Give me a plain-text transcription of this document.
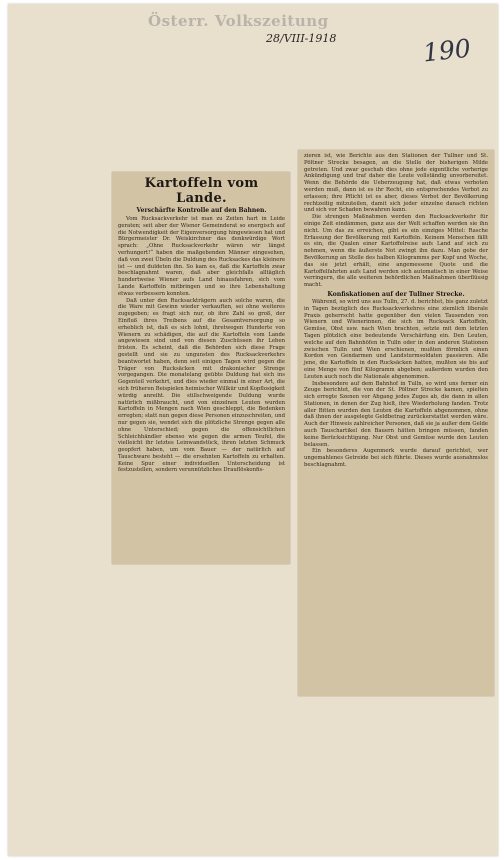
Österr. Volkszeitung
28/VIII-1918	190
Kartoffeln vom Lande.
Verschärfte Kontrolle auf den Bahnen.

Vom Rucksackverkehr ist man zu Zeiten hart in Leide geraten; seit aber der Wiener Gemeinderat so energisch auf die Notwendigkeit der Eigenversorgung hingewiesen hat und Bürgermeister Dr. Weiskirchner das denkwürdige Wort sprach: „Ohne Rucksackverkehr wären wir längst verhungert!“ haben die maßgebenden Männer eingesehen, daß von zwei Übeln die Duldung des Rucksackes das kleinere ist — und duldeten ihn. So kam es, daß die Kartoffeln zwar beschlagnahmt waren, daß aber gleichfalls alltäglich hundertweise Wiener aufs Land hinausfahren, sich vom Lande Kartoffeln mitbringen und so ihre Lebenshaltung etwas verbessern konnten.

Daß unter den Rucksackträgern auch solche waren, die die Ware mit Gewinn wieder verkauften, sei ohne weiteres zugegeben; es fragt sich nur, ob ihre Zahl so groß, der Einfluß ihres Treibens auf die Gesamtversorgung so erheblich ist, daß es sich lohnt, ihretwegen Hunderte von Wienern zu schädigen, die auf die Kartoffeln vom Lande angewiesen sind und von diesen Zuschüssen ihr Leben fristen. Es scheint, daß die Behörden sich diese Frage gestellt und sie zu ungunsten des Rucksackverkehrs beantwortet haben, denn seit einigen Tagen wird gegen die Träger von Rucksäcken mit drakonischer Strenge vorgegangen. Die monatelang geübte Duldung hat sich ins Gegenteil verkehrt, und dies wieder einmal in einer Art, die sich früheren Beispielen heimischer Willkür und Kopflosigkeit würdig anreiht. Die stillschweigende Duldung wurde natürlich mißbraucht, und von einzelnen Leuten wurden Kartoffeln in Mengen nach Wien geschleppt, die Bedenken erregten; statt nun gegen diese Personen einzuschreiten, und nur gegen sie, wendet sich die plötzliche Strenge gegen alle ohne Unterschied; gegen die offensichtlichen Schleichhändler ebenso wie gegen die armen Teufel, die vielleicht ihr letztes Leinwandstück, ihren letzten Schmuck geopfert haben, um vom Bauer — der natürlich auf Tauschware besteht — die ersehnten Kartoffeln zu erhalten. Keine Spur einer individuellen Unterscheidung ist festzustellen, sondern verunnützliches Drauflöskonfis-

zieren ist, wie Berichte aus den Stationen der Tullner und St. Pöltner Strecke besagen, an die Stelle der bisherigen Milde getreten. Und zwar geschah dies ohne jede eigentliche vorherige Ankündigung und traf daher die Leute vollständig unvorbereitet. Wenn die Behörde die Ueberzeugung hat, daß etwas verboten werden muß, dann ist es ihr Recht, ein entsprechendes Verbot zu erlassen; ihre Pflicht ist es aber, dieses Verbot der Bevölkerung rechtzeitig mitzuteilen, damit sich jeder einzelne danach richten und sich vor Schaden bewahren kann.

Die strengen Maßnahmen werden den Rucksackverkehr für einige Zeit eindämmen, ganz aus der Welt schaffen werden sie ihn nicht. Um das zu erreichen, gibt es ein einziges Mittel: Rasche Erfassung der Bevölkerung mit Kartoffeln. Keinem Menschen fällt es ein, die Qualen einer Kartoffelreise aufs Land auf sich zu nehmen, wenn die äußerste Not zwingt ihn dazu. Man gebe der Bevölkerung an Stelle des halben Kilogramms per Kopf und Woche, das sie jetzt erhält, eine angemessene Quote und die Kartoffelfahrten aufs Land werden sich automatisch in einer Weise verringern, die alle weiteren behördlichen Maßnahmen überflüssig macht.

Konfiskationen auf der Tullner Strecke.

Während, so wird uns aus Tulln, 27. d. berichtet, bis ganz zuletzt in Tagen bezüglich des Rucksackverkehres eine ziemlich liberale Praxis geherrscht hatte gegenüber den vielen Tausenden von Wienern und Wienerinnen, die sich im Rucksack Kartoffeln, Gemüse, Obst usw. nach Wien brachten, setzte mit dem letzten Tagen plötzlich eine bedeutende Verschärfung ein. Den Leuten, welche auf den Bahnhöfen in Tulln oder in den anderen Stationen zwischen Tulln und Wien erschienen, mußten förmlich einen Kordon von Gendarmen und Landsturmsoldaten passieren. Alle jene, die Kartoffeln in den Rucksäcken hatten, mußten sie bis auf eine Menge von fünf Kilogramm abgeben; außerdem wurden den Leuten auch noch die Nationale abgenommen.

Insbesondere auf dem Bahnhof in Tulln, so wird uns ferner ein Zeuge berichtet, die von der St. Pöltner Strecke kamen, spielten sich erregte Szenen vor Abgang jedes Zuges ab, die dann in allen Stationen, in denen der Zug hielt, ihre Wiederholung fanden. Trotz aller Bitten wurden den Leuten die Kartoffeln abgenommen, ohne daß ihnen der ausgelegte Geldbetrag zurückerstattet werden wäre. Auch der Hinweis zahlreicher Personen, daß sie ja außer dem Gelde auch Tauschartikel den Bauern hätten bringen müssen, fanden keine Berücksichtigung. Nur Obst und Gemüse wurde den Leuten belassen.

Ein besonderes Augenmerk wurde darauf gerichtet, wer ungemahlenes Getreide bei sich führte. Dieses wurde ausnahmslos beschlagnahmt.
